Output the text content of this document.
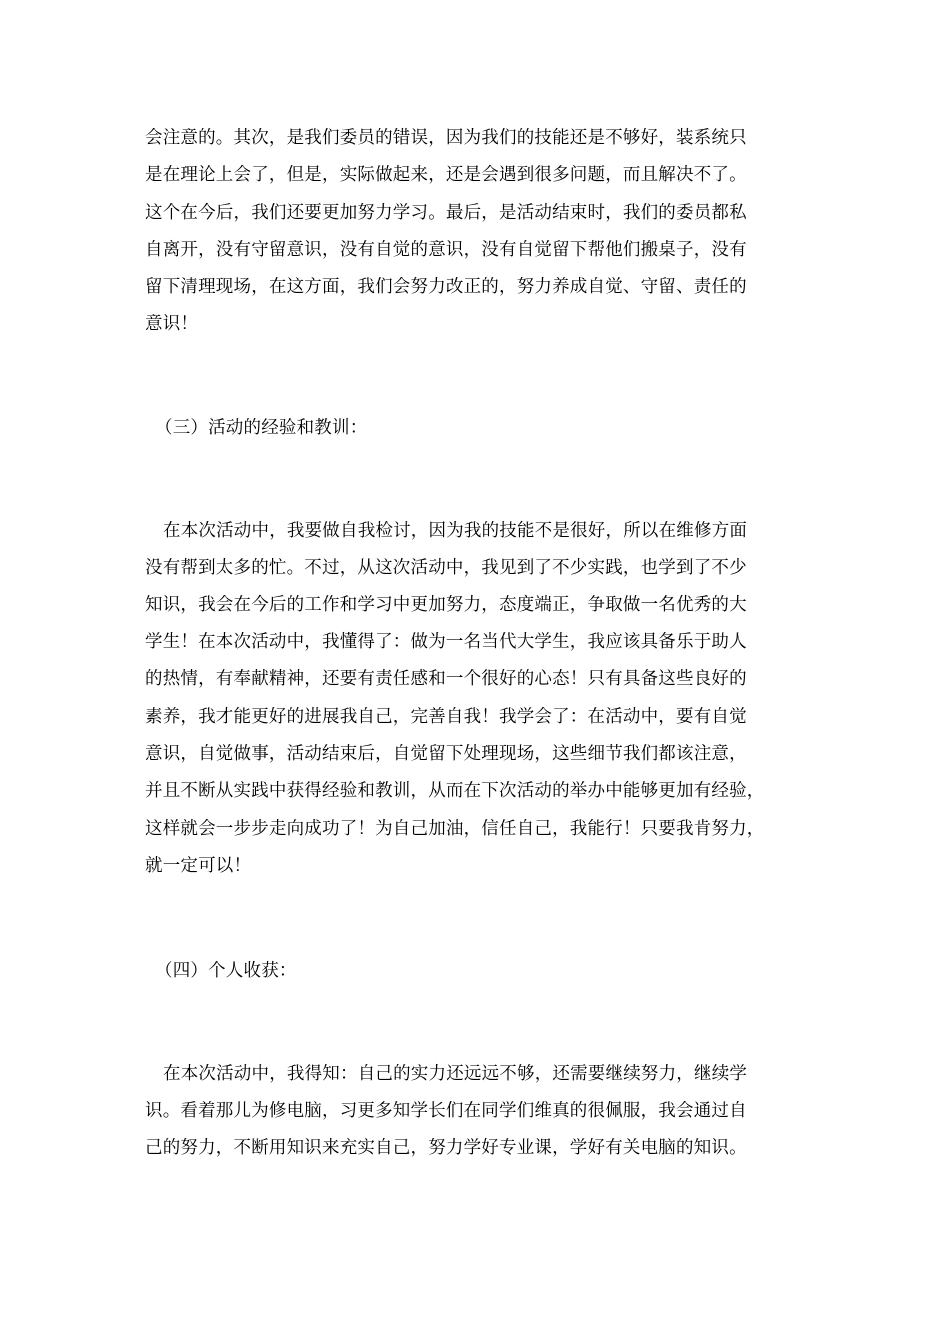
会注意的。其次，是我们委员的错误，因为我们的技能还是不够好，装系统只
是在理论上会了，但是，实际做起来，还是会遇到很多问题，而且解决不了。
这个在今后，我们还要更加努力学习。最后，是活动结束时，我们的委员都私
自离开，没有守留意识，没有自觉的意识，没有自觉留下帮他们搬桌子，没有
留下清理现场，在这方面，我们会努力改正的，努力养成自觉、守留、责任的
意识！
（三）活动的经验和教训：
在本次活动中，我要做自我检讨，因为我的技能不是很好，所以在维修方面
没有帮到太多的忙。不过，从这次活动中，我见到了不少实践，也学到了不少
知识，我会在今后的工作和学习中更加努力，态度端正，争取做一名优秀的大
学生！在本次活动中，我懂得了：做为一名当代大学生，我应该具备乐于助人
的热情，有奉献精神，还要有责任感和一个很好的心态！只有具备这些良好的
素养，我才能更好的进展我自己，完善自我！我学会了：在活动中，要有自觉
意识，自觉做事，活动结束后，自觉留下处理现场，这些细节我们都该注意，
并且不断从实践中获得经验和教训，从而在下次活动的举办中能够更加有经验，
这样就会一步步走向成功了！为自己加油，信任自己，我能行！只要我肯努力，
就一定可以！
（四）个人收获：
在本次活动中，我得知：自己的实力还远远不够，还需要继续努力，继续学
识。看着那儿为修电脑，习更多知学长们在同学们维真的很佩服，我会通过自
己的努力，不断用知识来充实自己，努力学好专业课，学好有关电脑的知识。
